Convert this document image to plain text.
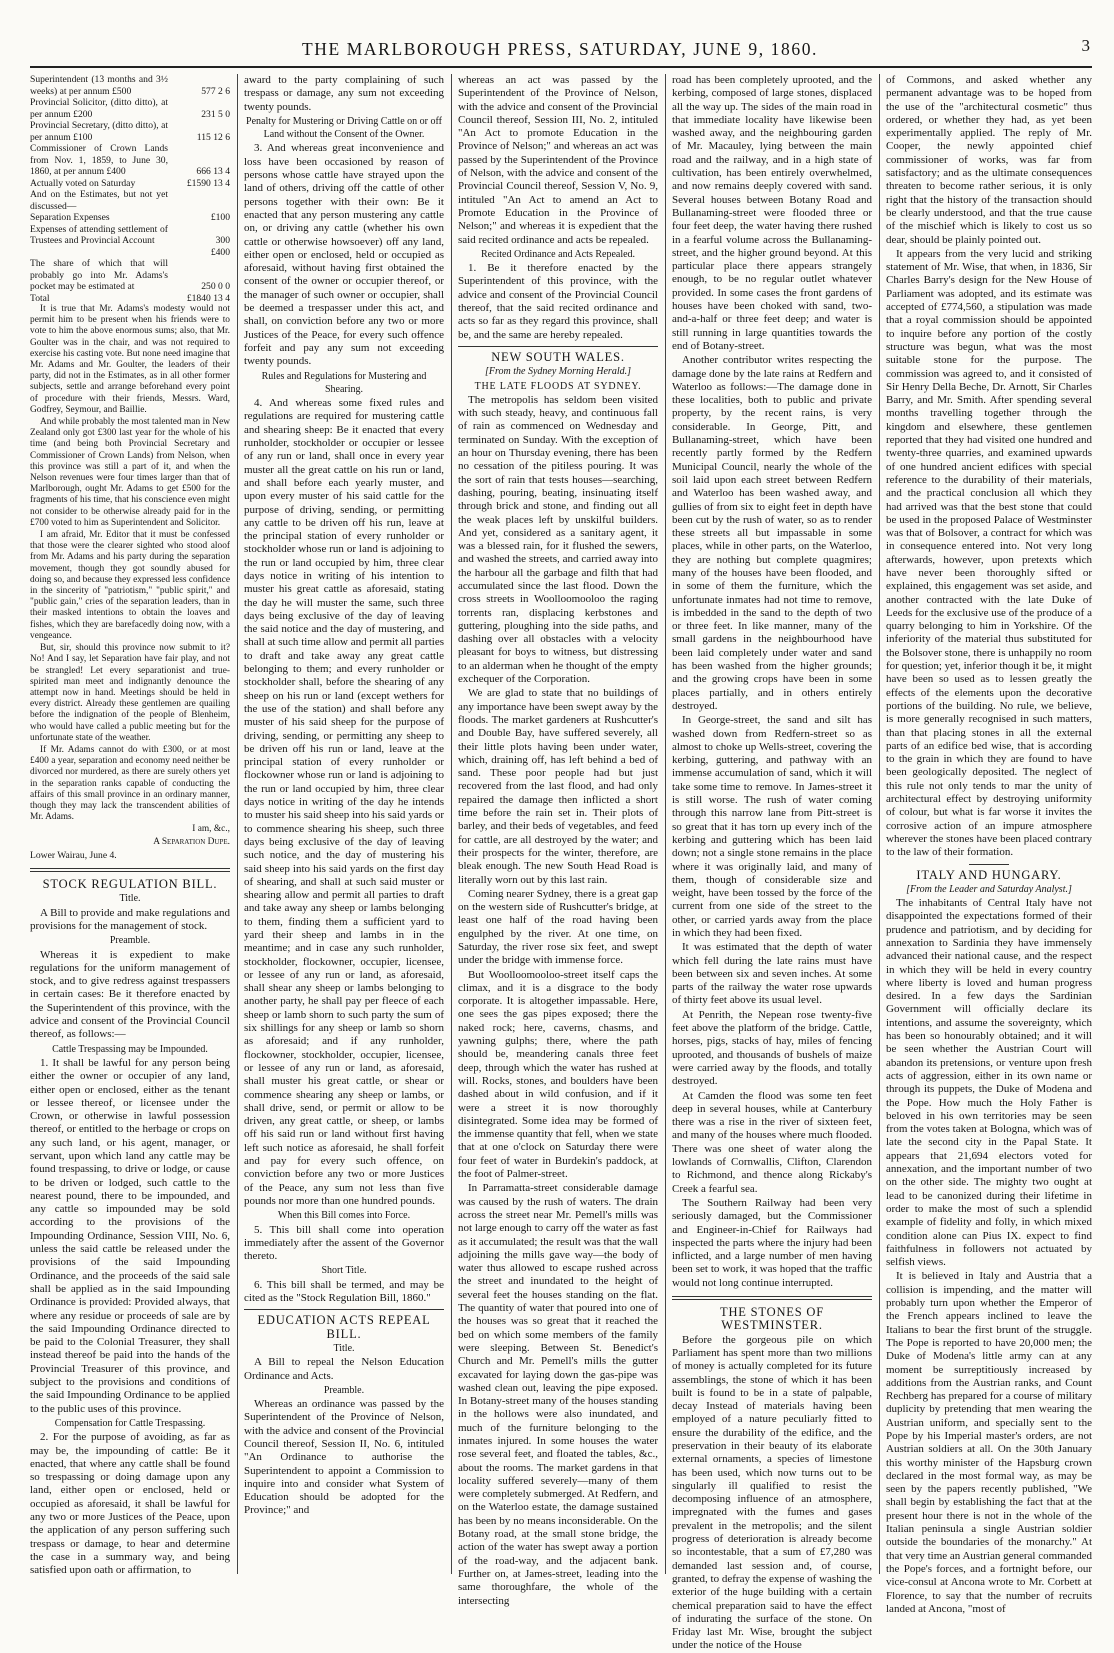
THE MARLBOROUGH PRESS, SATURDAY, JUNE 9, 1860.	3
Superintendent (13 months and 3½ weeks) at per annum £500	577 2 6
Provincial Solicitor, (ditto ditto), at per annum £200	231 5 0
Provincial Secretary, (ditto ditto), at per annum £100	115 12 6
Commissioner of Crown Lands from Nov. 1, 1859, to June 30, 1860, at per annum £400	666 13 4
Actually voted on Saturday	£1590 13 4
And on the Estimates, but not yet discussed—	
Separation Expenses	£100
Expenses of attending settlement of Trustees and Provincial Account	300
	£400
The share of which that will probably go into Mr. Adams's pocket may be estimated at	250 0 0
Total	£1840 13 4

It is true that Mr. Adams's modesty would not permit him to be present when his friends were to vote to him the above enormous sums; also, that Mr. Goulter was in the chair, and was not required to exercise his casting vote. But none need imagine that Mr. Adams and Mr. Goulter, the leaders of their party, did not in the Estimates, as in all other former subjects, settle and arrange beforehand every point of procedure with their friends, Messrs. Ward, Godfrey, Seymour, and Baillie.

And while probably the most talented man in New Zealand only got £300 last year for the whole of his time (and being both Provincial Secretary and Commissioner of Crown Lands) from Nelson, when this province was still a part of it, and when the Nelson revenues were four times larger than that of Marlborough, ought Mr. Adams to get £500 for the fragments of his time, that his conscience even might not consider to be otherwise already paid for in the £700 voted to him as Superintendent and Solicitor.

I am afraid, Mr. Editor that it must be confessed that those were the clearer sighted who stood aloof from Mr. Adams and his party during the separation movement, though they got soundly abused for doing so, and because they expressed less confidence in the sincerity of "patriotism," "public spirit," and "public gain," cries of the separation leaders, than in their masked intentions to obtain the loaves and fishes, which they are barefacedly doing now, with a vengeance.

But, sir, should this province now submit to it? No! And I say, let Separation have fair play, and not be strangled! Let every separationist and true-spirited man meet and indignantly denounce the attempt now in hand. Meetings should be held in every district. Already these gentlemen are quailing before the indignation of the people of Blenheim, who would have called a public meeting but for the unfortunate state of the weather.

If Mr. Adams cannot do with £300, or at most £400 a year, separation and economy need neither be divorced nor murdered, as there are surely others yet in the separation ranks capable of conducting the affairs of this small province in an ordinary manner, though they may lack the transcendent abilities of Mr. Adams.

I am, &c.,

A Separation Dupe.

Lower Wairau, June 4.

STOCK REGULATION BILL.

Title.

A Bill to provide and make regulations and provisions for the management of stock.

Preamble.

Whereas it is expedient to make regulations for the uniform management of stock, and to give redress against trespassers in certain cases: Be it therefore enacted by the Superintendent of this province, with the advice and consent of the Provincial Council thereof, as follows:—

Cattle Trespassing may be Impounded.

1. It shall be lawful for any person being either the owner or occupier of any land, either open or enclosed, either as the tenant or lessee thereof, or licensee under the Crown, or otherwise in lawful possession thereof, or entitled to the herbage or crops on any such land, or his agent, manager, or servant, upon which land any cattle may be found trespassing, to drive or lodge, or cause to be driven or lodged, such cattle to the nearest pound, there to be impounded, and any cattle so impounded may be sold according to the provisions of the Impounding Ordinance, Session VIII, No. 6, unless the said cattle be released under the provisions of the said Impounding Ordinance, and the proceeds of the said sale shall be applied as in the said Impounding Ordinance is provided: Provided always, that where any residue or proceeds of sale are by the said Impounding Ordinance directed to be paid to the Colonial Treasurer, they shall instead thereof be paid into the hands of the Provincial Treasurer of this province, and subject to the provisions and conditions of the said Impounding Ordinance to be applied to the public uses of this province.

Compensation for Cattle Trespassing.

2. For the purpose of avoiding, as far as may be, the impounding of cattle: Be it enacted, that where any cattle shall be found so trespassing or doing damage upon any land, either open or enclosed, held or occupied as aforesaid, it shall be lawful for any two or more Justices of the Peace, upon the application of any person suffering such trespass or damage, to hear and determine the case in a summary way, and being satisfied upon oath or affirmation, to

award to the party complaining of such trespass or damage, any sum not exceeding twenty pounds.

Penalty for Mustering or Driving Cattle on or off Land without the Consent of the Owner.

3. And whereas great inconvenience and loss have been occasioned by reason of persons whose cattle have strayed upon the land of others, driving off the cattle of other persons together with their own: Be it enacted that any person mustering any cattle on, or driving any cattle (whether his own cattle or otherwise howsoever) off any land, either open or enclosed, held or occupied as aforesaid, without having first obtained the consent of the owner or occupier thereof, or the manager of such owner or occupier, shall be deemed a trespasser under this act, and shall, on conviction before any two or more Justices of the Peace, for every such offence forfeit and pay any sum not exceeding twenty pounds.

Rules and Regulations for Mustering and Shearing.

4. And whereas some fixed rules and regulations are required for mustering cattle and shearing sheep: Be it enacted that every runholder, stockholder or occupier or lessee of any run or land, shall once in every year muster all the great cattle on his run or land, and shall before each yearly muster, and upon every muster of his said cattle for the purpose of driving, sending, or permitting any cattle to be driven off his run, leave at the principal station of every runholder or stockholder whose run or land is adjoining to the run or land occupied by him, three clear days notice in writing of his intention to muster his great cattle as aforesaid, stating the day he will muster the same, such three days being exclusive of the day of leaving the said notice and the day of mustering, and shall at such time allow and permit all parties to draft and take away any great cattle belonging to them; and every runholder or stockholder shall, before the shearing of any sheep on his run or land (except wethers for the use of the station) and shall before any muster of his said sheep for the purpose of driving, sending, or permitting any sheep to be driven off his run or land, leave at the principal station of every runholder or flockowner whose run or land is adjoining to the run or land occupied by him, three clear days notice in writing of the day he intends to muster his said sheep into his said yards or to commence shearing his sheep, such three days being exclusive of the day of leaving such notice, and the day of mustering his said sheep into his said yards on the first day of shearing, and shall at such said muster or shearing allow and permit all parties to draft and take away any sheep or lambs belonging to them, finding them a sufficient yard to yard their sheep and lambs in in the meantime; and in case any such runholder, stockholder, flockowner, occupier, licensee, or lessee of any run or land, as aforesaid, shall shear any sheep or lambs belonging to another party, he shall pay per fleece of each sheep or lamb shorn to such party the sum of six shillings for any sheep or lamb so shorn as aforesaid; and if any runholder, flockowner, stockholder, occupier, licensee, or lessee of any run or land, as aforesaid, shall muster his great cattle, or shear or commence shearing any sheep or lambs, or shall drive, send, or permit or allow to be driven, any great cattle, or sheep, or lambs off his said run or land without first having left such notice as aforesaid, he shall forfeit and pay for every such offence, on conviction before any two or more Justices of the Peace, any sum not less than five pounds nor more than one hundred pounds.

When this Bill comes into Force.

5. This bill shall come into operation immediately after the assent of the Governor thereto.

Short Title.

6. This bill shall be termed, and may be cited as the "Stock Regulation Bill, 1860."

EDUCATION ACTS REPEAL BILL.

Title.

A Bill to repeal the Nelson Education Ordinance and Acts.

Preamble.

Whereas an ordinance was passed by the Superintendent of the Province of Nelson, with the advice and consent of the Provincial Council thereof, Session II, No. 6, intituled "An Ordinance to authorise the Superintendent to appoint a Commission to inquire into and consider what System of Education should be adopted for the Province;" and

whereas an act was passed by the Superintendent of the Province of Nelson, with the advice and consent of the Provincial Council thereof, Session III, No. 2, intituled "An Act to promote Education in the Province of Nelson;" and whereas an act was passed by the Superintendent of the Province of Nelson, with the advice and consent of the Provincial Council thereof, Session V, No. 9, intituled "An Act to amend an Act to Promote Education in the Province of Nelson;" and whereas it is expedient that the said recited ordinance and acts be repealed.

Recited Ordinance and Acts Repealed.

1. Be it therefore enacted by the Superintendent of this province, with the advice and consent of the Provincial Council thereof, that the said recited ordinance and acts so far as they regard this province, shall be, and the same are hereby repealed.

NEW SOUTH WALES.

[From the Sydney Morning Herald.]

THE LATE FLOODS AT SYDNEY.

The metropolis has seldom been visited with such steady, heavy, and continuous fall of rain as commenced on Wednesday and terminated on Sunday. With the exception of an hour on Thursday evening, there has been no cessation of the pitiless pouring. It was the sort of rain that tests houses—searching, dashing, pouring, beating, insinuating itself through brick and stone, and finding out all the weak places left by unskilful builders. And yet, considered as a sanitary agent, it was a blessed rain, for it flushed the sewers, and washed the streets, and carried away into the harbour all the garbage and filth that had accumulated since the last flood. Down the cross streets in Woolloomooloo the raging torrents ran, displacing kerbstones and guttering, ploughing into the side paths, and dashing over all obstacles with a velocity pleasant for boys to witness, but distressing to an alderman when he thought of the empty exchequer of the Corporation.

We are glad to state that no buildings of any importance have been swept away by the floods. The market gardeners at Rushcutter's and Double Bay, have suffered severely, all their little plots having been under water, which, draining off, has left behind a bed of sand. These poor people had but just recovered from the last flood, and had only repaired the damage then inflicted a short time before the rain set in. Their plots of barley, and their beds of vegetables, and feed for cattle, are all destroyed by the water; and their prospects for the winter, therefore, are bleak enough. The new South Head Road is literally worn out by this last rain.

Coming nearer Sydney, there is a great gap on the western side of Rushcutter's bridge, at least one half of the road having been engulphed by the river. At one time, on Saturday, the river rose six feet, and swept under the bridge with immense force.

But Woolloomooloo-street itself caps the climax, and it is a disgrace to the body corporate. It is altogether impassable. Here, one sees the gas pipes exposed; there the naked rock; here, caverns, chasms, and yawning gulphs; there, where the path should be, meandering canals three feet deep, through which the water has rushed at will. Rocks, stones, and boulders have been dashed about in wild confusion, and if it were a street it is now thoroughly disintegrated. Some idea may be formed of the immense quantity that fell, when we state that at one o'clock on Saturday there were four feet of water in Burdekin's paddock, at the foot of Palmer-street.

In Parramatta-street considerable damage was caused by the rush of waters. The drain across the street near Mr. Pemell's mills was not large enough to carry off the water as fast as it accumulated; the result was that the wall adjoining the mills gave way—the body of water thus allowed to escape rushed across the street and inundated to the height of several feet the houses standing on the flat. The quantity of water that poured into one of the houses was so great that it reached the bed on which some members of the family were sleeping. Between St. Benedict's Church and Mr. Pemell's mills the gutter excavated for laying down the gas-pipe was washed clean out, leaving the pipe exposed. In Botany-street many of the houses standing in the hollows were also inundated, and much of the furniture belonging to the inmates injured. In some houses the water rose several feet, and floated the tables, &c., about the rooms. The market gardens in that locality suffered severely—many of them were completely submerged. At Redfern, and on the Waterloo estate, the damage sustained has been by no means inconsiderable. On the Botany road, at the small stone bridge, the action of the water has swept away a portion of the road-way, and the adjacent bank. Further on, at James-street, leading into the same thoroughfare, the whole of the intersecting

road has been completely uprooted, and the kerbing, composed of large stones, displaced all the way up. The sides of the main road in that immediate locality have likewise been washed away, and the neighbouring garden of Mr. Macauley, lying between the main road and the railway, and in a high state of cultivation, has been entirely overwhelmed, and now remains deeply covered with sand. Several houses between Botany Road and Bullanaming-street were flooded three or four feet deep, the water having there rushed in a fearful volume across the Bullanaming-street, and the higher ground beyond. At this particular place there appears strangely enough, to be no regular outlet whatever provided. In some cases the front gardens of houses have been choked with sand, two-and-a-half or three feet deep; and water is still running in large quantities towards the end of Botany-street.

Another contributor writes respecting the damage done by the late rains at Redfern and Waterloo as follows:—The damage done in these localities, both to public and private property, by the recent rains, is very considerable. In George, Pitt, and Bullanaming-street, which have been recently partly formed by the Redfern Municipal Council, nearly the whole of the soil laid upon each street between Redfern and Waterloo has been washed away, and gullies of from six to eight feet in depth have been cut by the rush of water, so as to render these streets all but impassable in some places, while in other parts, on the Waterloo, they are nothing but complete quagmires; many of the houses have been flooded, and in some of them the furniture, which the unfortunate inmates had not time to remove, is imbedded in the sand to the depth of two or three feet. In like manner, many of the small gardens in the neighbourhood have been laid completely under water and sand has been washed from the higher grounds; and the growing crops have been in some places partially, and in others entirely destroyed.

In George-street, the sand and silt has washed down from Redfern-street so as almost to choke up Wells-street, covering the kerbing, guttering, and pathway with an immense accumulation of sand, which it will take some time to remove. In James-street it is still worse. The rush of water coming through this narrow lane from Pitt-street is so great that it has torn up every inch of the kerbing and guttering which has been laid down; not a single stone remains in the place where it was originally laid, and many of them, though of considerable size and weight, have been tossed by the force of the current from one side of the street to the other, or carried yards away from the place in which they had been fixed.

It was estimated that the depth of water which fell during the late rains must have been between six and seven inches. At some parts of the railway the water rose upwards of thirty feet above its usual level.

At Penrith, the Nepean rose twenty-five feet above the platform of the bridge. Cattle, horses, pigs, stacks of hay, miles of fencing uprooted, and thousands of bushels of maize were carried away by the floods, and totally destroyed.

At Camden the flood was some ten feet deep in several houses, while at Canterbury there was a rise in the river of sixteen feet, and many of the houses where much flooded. There was one sheet of water along the lowlands of Cornwallis, Clifton, Clarendon to Richmond, and thence along Rickaby's Creek a fearful sea.

The Southern Railway had been very seriously damaged, but the Commissioner and Engineer-in-Chief for Railways had inspected the parts where the injury had been inflicted, and a large number of men having been set to work, it was hoped that the traffic would not long continue interrupted.

THE STONES OF WESTMINSTER.

Before the gorgeous pile on which Parliament has spent more than two millions of money is actually completed for its future assemblings, the stone of which it has been built is found to be in a state of palpable, decay Instead of materials having been employed of a nature peculiarly fitted to ensure the durability of the edifice, and the preservation in their beauty of its elaborate external ornaments, a species of limestone has been used, which now turns out to be singularly ill qualified to resist the decomposing influence of an atmosphere, impregnated with the fumes and gases prevalent in the metropolis; and the silent progress of deterioration is already become so incontestable, that a sum of £7,280 was demanded last session and, of course, granted, to defray the expense of washing the exterior of the huge building with a certain chemical preparation said to have the effect of indurating the surface of the stone. On Friday last Mr. Wise, brought the subject under the notice of the House

of Commons, and asked whether any permanent advantage was to be hoped from the use of the "architectural cosmetic" thus ordered, or whether they had, as yet been experimentally applied. The reply of Mr. Cooper, the newly appointed chief commissioner of works, was far from satisfactory; and as the ultimate consequences threaten to become rather serious, it is only right that the history of the transaction should be clearly understood, and that the true cause of the mischief which is likely to cost us so dear, should be plainly pointed out.

It appears from the very lucid and striking statement of Mr. Wise, that when, in 1836, Sir Charles Barry's design for the New House of Parliament was adopted, and its estimate was accepted of £774,560, a stipulation was made that a royal commission should be appointed to inquire before any portion of the costly structure was begun, what was the most suitable stone for the purpose. The commission was agreed to, and it consisted of Sir Henry Della Beche, Dr. Arnott, Sir Charles Barry, and Mr. Smith. After spending several months travelling together through the kingdom and elsewhere, these gentlemen reported that they had visited one hundred and twenty-three quarries, and examined upwards of one hundred ancient edifices with special reference to the durability of their materials, and the practical conclusion all which they had arrived was that the best stone that could be used in the proposed Palace of Westminster was that of Bolsover, a contract for which was in consequence entered into. Not very long afterwards, however, upon pretexts which have never been thoroughly sifted or explained, this engagement was set aside, and another contracted with the late Duke of Leeds for the exclusive use of the produce of a quarry belonging to him in Yorkshire. Of the inferiority of the material thus substituted for the Bolsover stone, there is unhappily no room for question; yet, inferior though it be, it might have been so used as to lessen greatly the effects of the elements upon the decorative portions of the building. No rule, we believe, is more generally recognised in such matters, than that placing stones in all the external parts of an edifice bed wise, that is according to the grain in which they are found to have been geologically deposited. The neglect of this rule not only tends to mar the unity of architectural effect by destroying uniformity of colour, but what is far worse it invites the corrosive action of an impure atmosphere wherever the stones have been placed contrary to the law of their formation.

ITALY AND HUNGARY.

[From the Leader and Saturday Analyst.]

The inhabitants of Central Italy have not disappointed the expectations formed of their prudence and patriotism, and by deciding for annexation to Sardinia they have immensely advanced their national cause, and the respect in which they will be held in every country where liberty is loved and human progress desired. In a few days the Sardinian Government will officially declare its intentions, and assume the sovereignty, which has been so honourably obtained; and it will be seen whether the Austrian Court will abandon its pretensions, or venture upon fresh acts of aggression, either in its own name or through its puppets, the Duke of Modena and the Pope. How much the Holy Father is beloved in his own territories may be seen from the votes taken at Bologna, which was of late the second city in the Papal State. It appears that 21,694 electors voted for annexation, and the important number of two on the other side. The mighty two ought at lead to be canonized during their lifetime in order to make the most of such a splendid example of fidelity and folly, in which mixed condition alone can Pius IX. expect to find faithfulness in followers not actuated by selfish views.

It is believed in Italy and Austria that a collision is impending, and the matter will probably turn upon whether the Emperor of the French appears inclined to leave the Italians to bear the first brunt of the struggle. The Pope is reported to have 20,000 men; the Duke of Modena's little army can at any moment be surreptitiously increased by additions from the Austrian ranks, and Count Rechberg has prepared for a course of military duplicity by pretending that men wearing the Austrian uniform, and specially sent to the Pope by his Imperial master's orders, are not Austrian soldiers at all. On the 30th January this worthy minister of the Hapsburg crown declared in the most formal way, as may be seen by the papers recently published, "We shall begin by establishing the fact that at the present hour there is not in the whole of the Italian peninsula a single Austrian soldier outside the boundaries of the monarchy." At that very time an Austrian general commanded the Pope's forces, and a fortnight before, our vice-consul at Ancona wrote to Mr. Corbett at Florence, to say that the number of recruits landed at Ancona, "most of
